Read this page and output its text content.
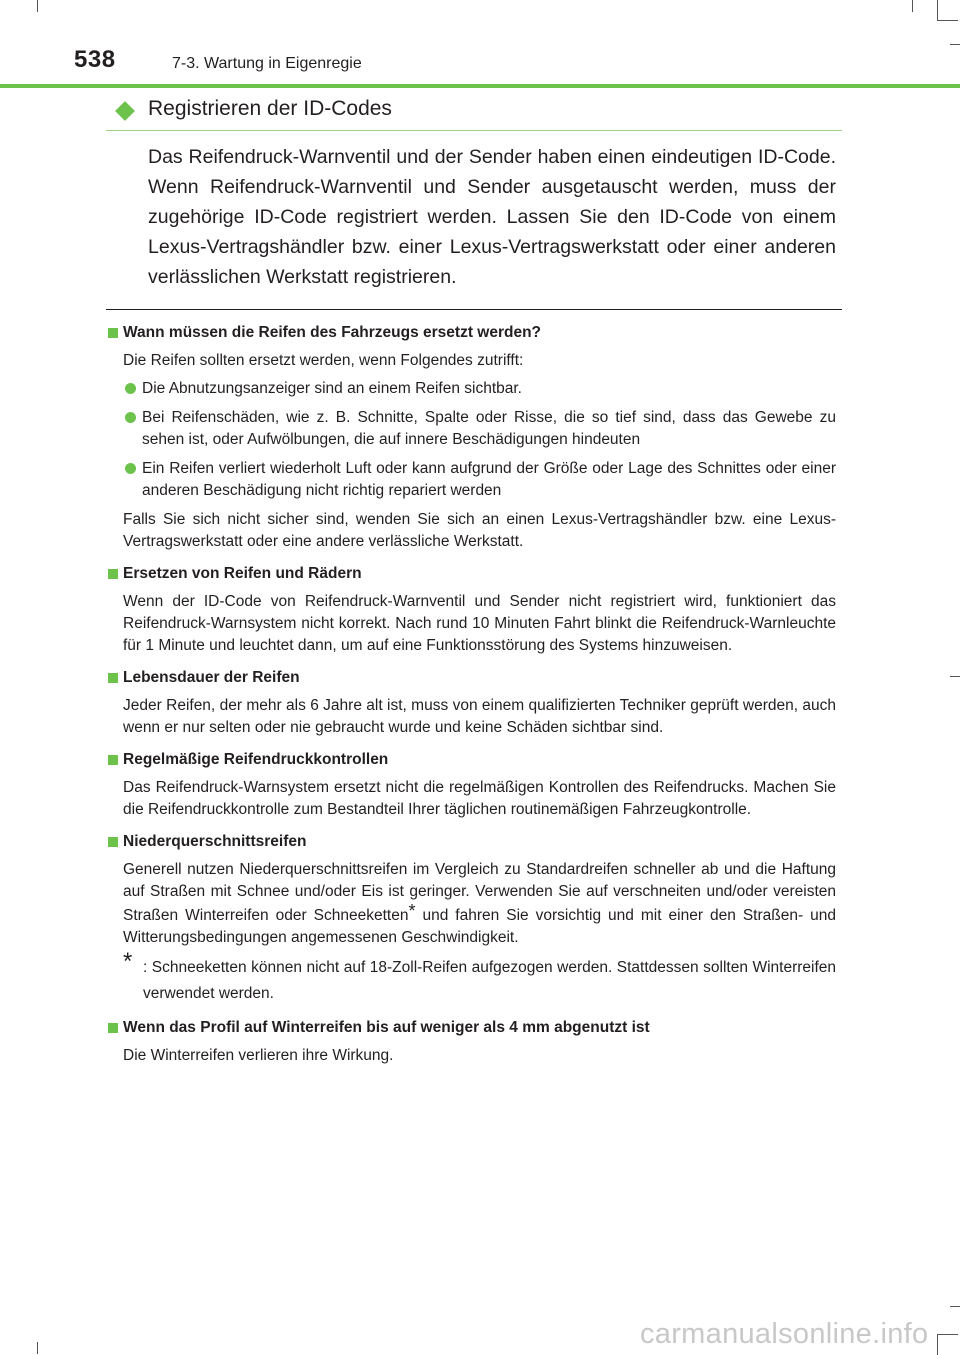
538	7-3. Wartung in Eigenregie
Registrieren der ID-Codes
Das Reifendruck-Warnventil und der Sender haben einen eindeutigen ID-Code. Wenn Reifendruck-Warnventil und Sender ausgetauscht werden, muss der zugehörige ID-Code registriert werden. Lassen Sie den ID-Code von einem Lexus-Vertragshändler bzw. einer Lexus-Vertragswerkstatt oder einer anderen verlässlichen Werkstatt registrieren.
Wann müssen die Reifen des Fahrzeugs ersetzt werden?
Die Reifen sollten ersetzt werden, wenn Folgendes zutrifft:
Die Abnutzungsanzeiger sind an einem Reifen sichtbar.
Bei Reifenschäden, wie z. B. Schnitte, Spalte oder Risse, die so tief sind, dass das Gewebe zu sehen ist, oder Aufwölbungen, die auf innere Beschädigungen hindeuten
Ein Reifen verliert wiederholt Luft oder kann aufgrund der Größe oder Lage des Schnittes oder einer anderen Beschädigung nicht richtig repariert werden
Falls Sie sich nicht sicher sind, wenden Sie sich an einen Lexus-Vertragshändler bzw. eine Lexus-Vertragswerkstatt oder eine andere verlässliche Werkstatt.
Ersetzen von Reifen und Rädern
Wenn der ID-Code von Reifendruck-Warnventil und Sender nicht registriert wird, funktioniert das Reifendruck-Warnsystem nicht korrekt. Nach rund 10 Minuten Fahrt blinkt die Reifendruck-Warnleuchte für 1 Minute und leuchtet dann, um auf eine Funktionsstörung des Systems hinzuweisen.
Lebensdauer der Reifen
Jeder Reifen, der mehr als 6 Jahre alt ist, muss von einem qualifizierten Techniker geprüft werden, auch wenn er nur selten oder nie gebraucht wurde und keine Schäden sichtbar sind.
Regelmäßige Reifendruckkontrollen
Das Reifendruck-Warnsystem ersetzt nicht die regelmäßigen Kontrollen des Reifendrucks. Machen Sie die Reifendruckkontrolle zum Bestandteil Ihrer täglichen routinemäßigen Fahrzeugkontrolle.
Niederquerschnittsreifen
Generell nutzen Niederquerschnittsreifen im Vergleich zu Standardreifen schneller ab und die Haftung auf Straßen mit Schnee und/oder Eis ist geringer. Verwenden Sie auf verschneiten und/oder vereisten Straßen Winterreifen oder Schneeketten* und fahren Sie vorsichtig und mit einer den Straßen- und Witterungsbedingungen angemessenen Geschwindigkeit.
* : Schneeketten können nicht auf 18-Zoll-Reifen aufgezogen werden. Stattdessen sollten Winterreifen verwendet werden.
Wenn das Profil auf Winterreifen bis auf weniger als 4 mm abgenutzt ist
Die Winterreifen verlieren ihre Wirkung.
carmanualsonline.info
